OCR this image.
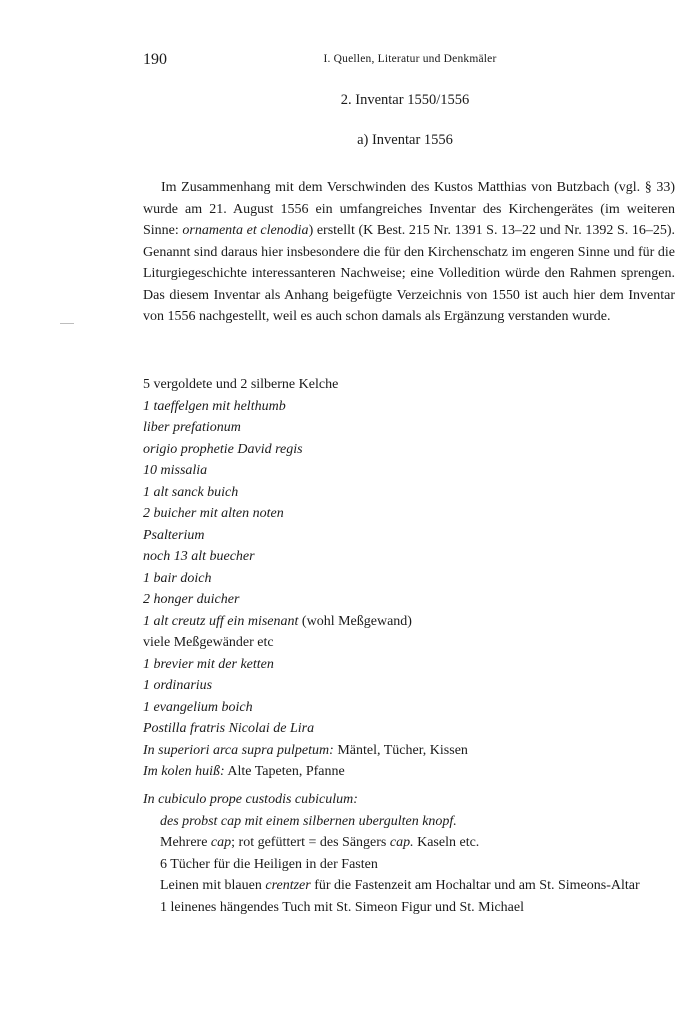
190	I. Quellen, Literatur und Denkmäler
2. Inventar 1550/1556
a) Inventar 1556

Im Zusammenhang mit dem Verschwinden des Kustos Matthias von Butzbach (vgl. § 33) wurde am 21. August 1556 ein umfangreiches Inventar des Kirchengerätes (im weiteren Sinne: ornamenta et clenodia) erstellt (K Best. 215 Nr. 1391 S. 13–22 und Nr. 1392 S. 16–25). Genannt sind daraus hier insbesondere die für den Kirchenschatz im engeren Sinne und für die Liturgiegeschichte interessanteren Nachweise; eine Volledition würde den Rahmen sprengen. Das diesem Inventar als Anhang beigefügte Verzeichnis von 1550 ist auch hier dem Inventar von 1556 nachgestellt, weil es auch schon damals als Ergänzung verstanden wurde.

5 vergoldete und 2 silberne Kelche
1 taeffelgen mit helthumb
liber prefationum
origio prophetie David regis
10 missalia
1 alt sanck buich
2 buicher mit alten noten
Psalterium
noch 13 alt buecher
1 bair doich
2 honger duicher
1 alt creutz uff ein misenant (wohl Meßgewand)
viele Meßgewänder etc
1 brevier mit der ketten
1 ordinarius
1 evangelium boich
Postilla fratris Nicolai de Lira
In superiori arca supra pulpetum: Mäntel, Tücher, Kissen
Im kolen huiß: Alte Tapeten, Pfanne
In cubiculo prope custodis cubiculum:
des probst cap mit einem silbernen ubergulten knopf.
Mehrere cap; rot gefüttert = des Sängers cap. Kaseln etc.
6 Tücher für die Heiligen in der Fasten
Leinen mit blauen crentzer für die Fastenzeit am Hochaltar und am St. Simeons-Altar
1 leinenes hängendes Tuch mit St. Simeon Figur und St. Michael
